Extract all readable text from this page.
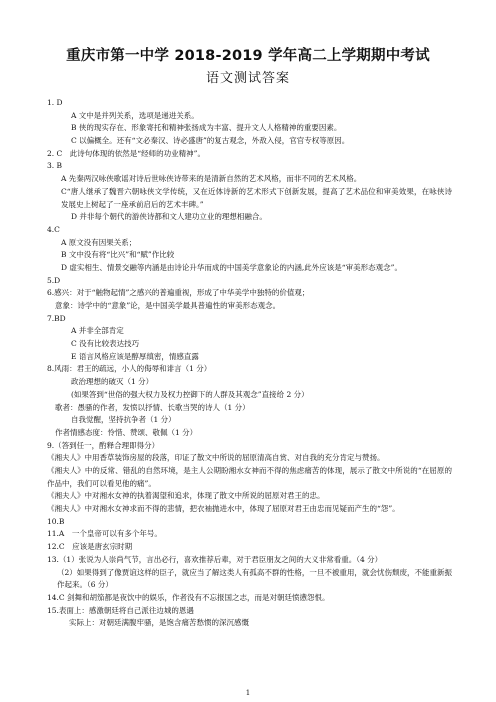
重庆市第一中学 2018-2019 学年高二上学期期中考试
语文测试答案
1. D
A 文中是并列关系，选项是递进关系。
B 侠的现实存在、形象寄托和精神张扬成为丰富、提升文人人格精神的重要因素。
C 以偏概全。还有“文必秦汉、诗必盛唐”的复古观念，外敌入侵，官官专权等原因。
2. C　此诗句体现的依然是“经师的功业精神”。
3. B
A 先秦两汉咏侠歌谣对诗后世咏侠诗带来的是清新自然的艺术风格，而非不同的艺术风格。
C“唐人继承了魏晋六朝咏侠文学传统，又在近体诗新的艺术形式下创新发展，提高了艺术品位和审美效果，在咏侠诗发展史上树起了一座承前启后的艺术丰碑。”
D 并非每个朝代的游侠诗都和文人建功立业的理想相融合。
4.C
A 原文没有因果关系；
B 文中没有将“比兴”和“赋”作比较
D 虚实相生、情景交融等内涵是由诗论升华而成的中国美学意象论的内涵,此外应该是“审美形态观念”。
5.D
6.感兴：对于“触物起情”之感兴的普遍重视，形成了中华美学中独特的价值观；
意象：诗学中的“意象”论，是中国美学最具普遍性的审美形态观念。
7.BD
A 并非全部肯定
C 没有比较表达技巧
E 语言风格应该是醇厚缜密，情感直露
8.风雨：君王的疏远，小人的侮辱和诽言（1 分）
政治理想的破灭（1 分）
(如果答到“世俗的强大权力及权力控御下的人群及其观念”直接给 2 分）
歌者：愚骚的作者，发愤以抒情、长歌当哭的诗人（1 分）
自我觉醒，坚持抗争者（1 分）
作者情感态度：怜惜、赞颂、敬佩（1 分）
9.（答到任一，酌释合理即得分）
《湘夫人》中用香草装饰房屋的段落，印证了散文中所说的屈原清高自赏、对自我的充分肯定与赞扬。
《湘夫人》中的反常、错乱的自然环境，是主人公期盼湘水女神而不得的焦虑痛苦的体现，展示了散文中所说的“在屈原的作品中，我们可以看见他的痛”。
《湘夫人》中对湘水女神的执着渴望和追求，体现了散文中所说的屈原对君王的忠。
《湘夫人》中对湘水女神求而不得的悲情，把衣袖抛进水中，体现了屈原对君王由忠而见疑而产生的“怨”。
10.B
11.A　一个皇帝可以有多个年号。
12.C　应该是唐玄宗时期
13.（1）张说为人崇尚气节，言出必行，喜欢推荐后辈，对于君臣朋友之间的大义非常看重。（4 分）
（2）如果得到了像贾谊这样的臣子，就应当了解这类人有孤高不群的性格，一旦不被重用，就会忧伤颓废，不能重新振作起来。（6 分）
14.C 剑舞和胡笳都是夜饮中的娱乐，作者没有不忘报国之志，而是对朝廷愤懑怨恨。
15.表面上：感激朝廷将自己派往边城的恩遇
实际上：对朝廷满腹牢骚，是饱含痛苦愁惯的深沉感慨
1
